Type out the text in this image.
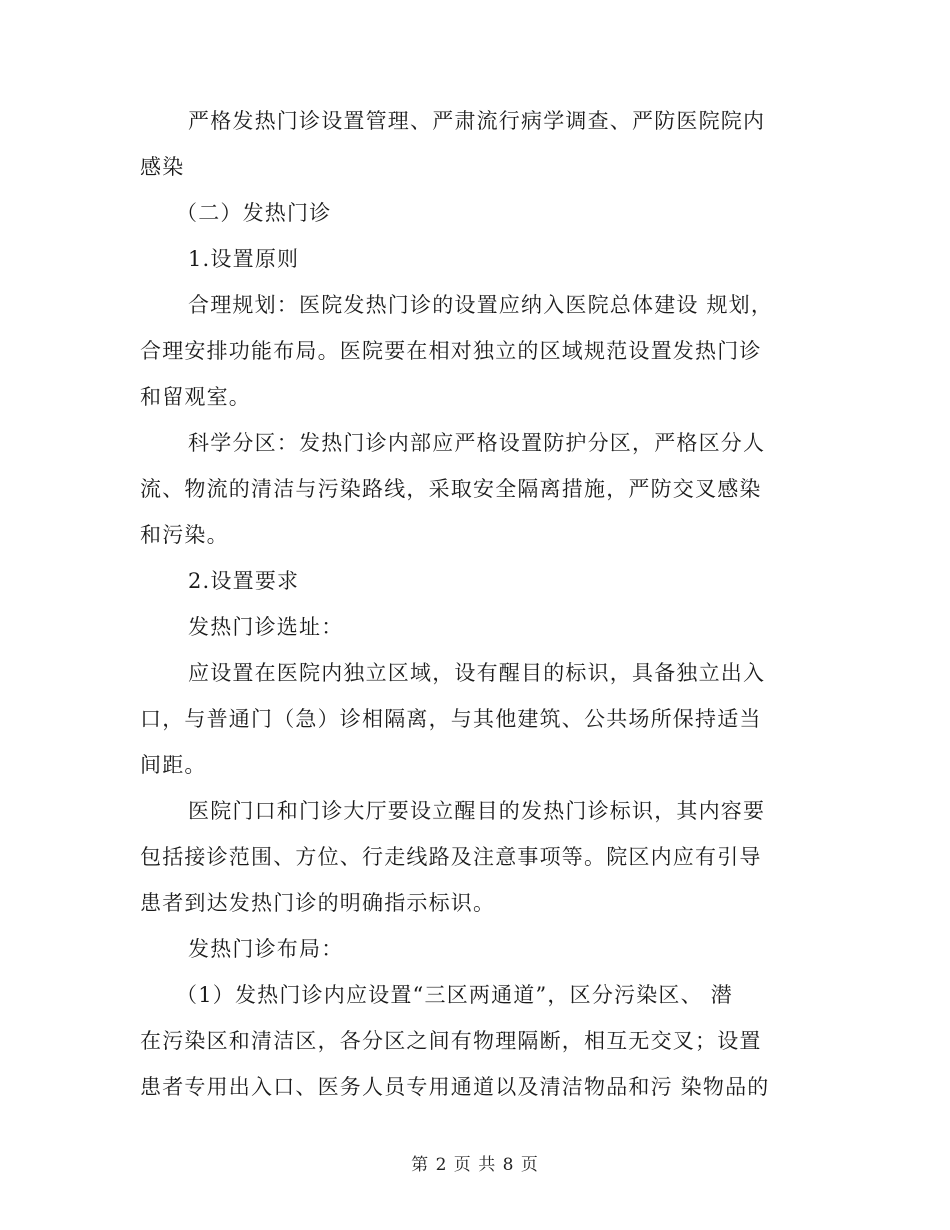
严格发热门诊设置管理、严肃流行病学调查、严防医院院内
感染
（二）发热门诊
1.设置原则
合理规划：医院发热门诊的设置应纳入医院总体建设 规划，
合理安排功能布局。医院要在相对独立的区域规范设置发热门诊
和留观室。
科学分区：发热门诊内部应严格设置防护分区，严格区分人
流、物流的清洁与污染路线，采取安全隔离措施，严防交叉感染
和污染。
2.设置要求
发热门诊选址：
应设置在医院内独立区域，设有醒目的标识，具备独立出入
口，与普通门（急）诊相隔离，与其他建筑、公共场所保持适当
间距。
医院门口和门诊大厅要设立醒目的发热门诊标识，其内容要
包括接诊范围、方位、行走线路及注意事项等。院区内应有引导
患者到达发热门诊的明确指示标识。
发热门诊布局：
（1）发热门诊内应设置“三区两通道”，区分污染区、 潜
在污染区和清洁区，各分区之间有物理隔断，相互无交叉；设置
患者专用出入口、医务人员专用通道以及清洁物品和污 染物品的
第 2 页 共 8 页
